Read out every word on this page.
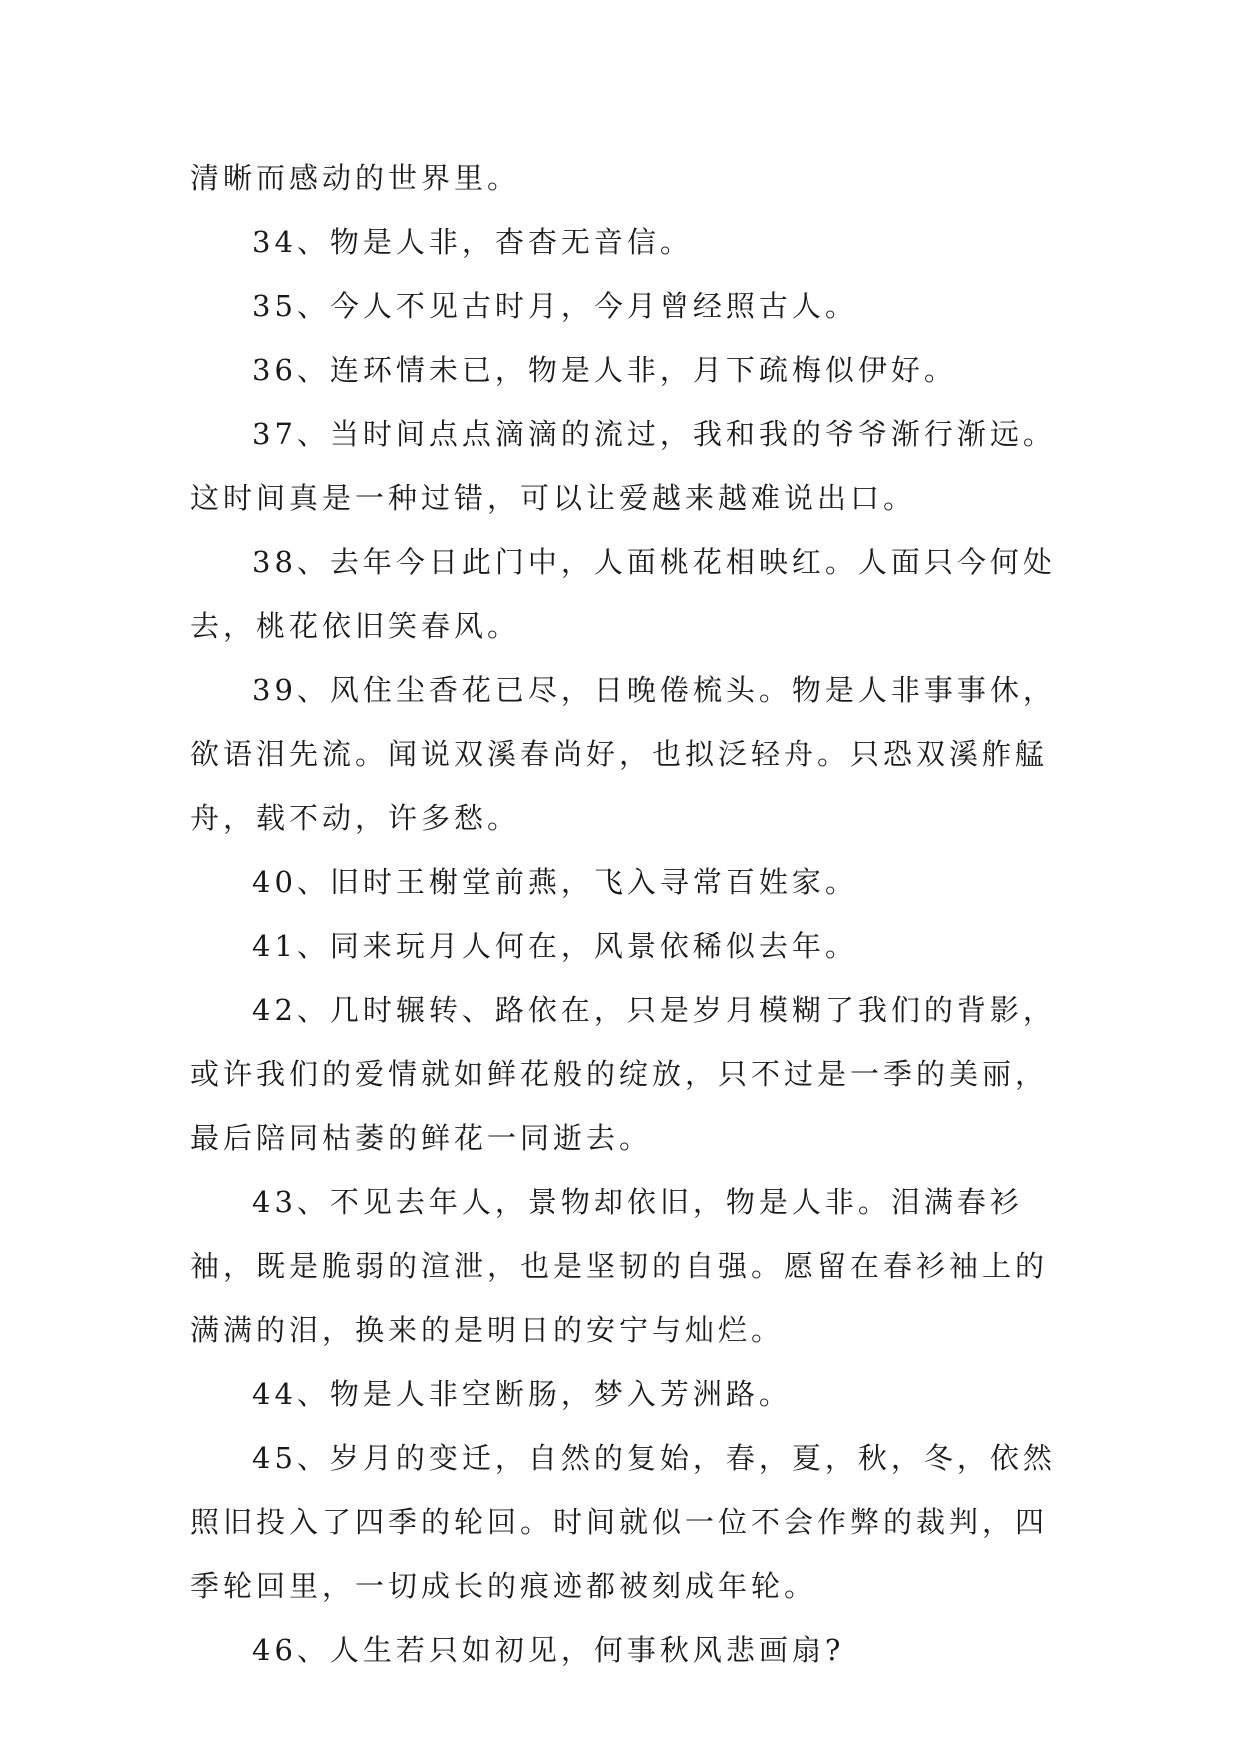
清晰而感动的世界里。

34、物是人非，杳杳无音信。

35、今人不见古时月，今月曾经照古人。

36、连环情未已，物是人非，月下疏梅似伊好。

37、当时间点点滴滴的流过，我和我的爷爷渐行渐远。这时间真是一种过错，可以让爱越来越难说出口。

38、去年今日此门中，人面桃花相映红。人面只今何处去，桃花依旧笑春风。

39、风住尘香花已尽，日晚倦梳头。物是人非事事休，欲语泪先流。闻说双溪春尚好，也拟泛轻舟。只恐双溪舴艋舟，载不动，许多愁。

40、旧时王榭堂前燕，飞入寻常百姓家。

41、同来玩月人何在，风景依稀似去年。

42、几时辗转、路依在，只是岁月模糊了我们的背影，或许我们的爱情就如鲜花般的绽放，只不过是一季的美丽，最后陪同枯萎的鲜花一同逝去。

43、不见去年人，景物却依旧，物是人非。泪满春衫袖，既是脆弱的渲泄，也是坚韧的自强。愿留在春衫袖上的满满的泪，换来的是明日的安宁与灿烂。

44、物是人非空断肠，梦入芳洲路。

45、岁月的变迁，自然的复始，春，夏，秋，冬，依然照旧投入了四季的轮回。时间就似一位不会作弊的裁判，四季轮回里，一切成长的痕迹都被刻成年轮。

46、人生若只如初见，何事秋风悲画扇?
